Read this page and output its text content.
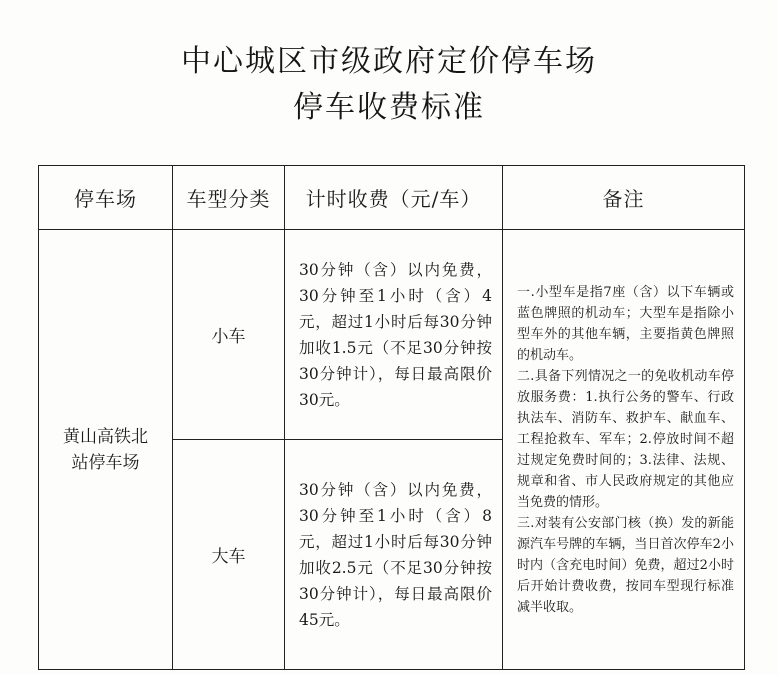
中心城区市级政府定价停车场
停车收费标准
停车场	车型分类	计时收费（元/车）	备注
黄山高铁北站停车场	小车	30分钟（含）以内免费，30分钟至1小时（含）4元，超过1小时后每30分钟加收1.5元（不足30分钟按30分钟计），每日最高限价30元。	一.小型车是指7座（含）以下车辆或蓝色牌照的机动车；大型车是指除小型车外的其他车辆，主要指黄色牌照的机动车。
二.具备下列情况之一的免收机动车停放服务费：1.执行公务的警车、行政执法车、消防车、救护车、献血车、工程抢救车、军车；2.停放时间不超过规定免费时间的；3.法律、法规、规章和省、市人民政府规定的其他应当免费的情形。
三.对装有公安部门核（换）发的新能源汽车号牌的车辆，当日首次停车2小时内（含充电时间）免费，超过2小时后开始计费收费，按同车型现行标准减半收取。

	大车	30分钟（含）以内免费，30分钟至1小时（含）8元，超过1小时后每30分钟加收2.5元（不足30分钟按30分钟计），每日最高限价45元。	
